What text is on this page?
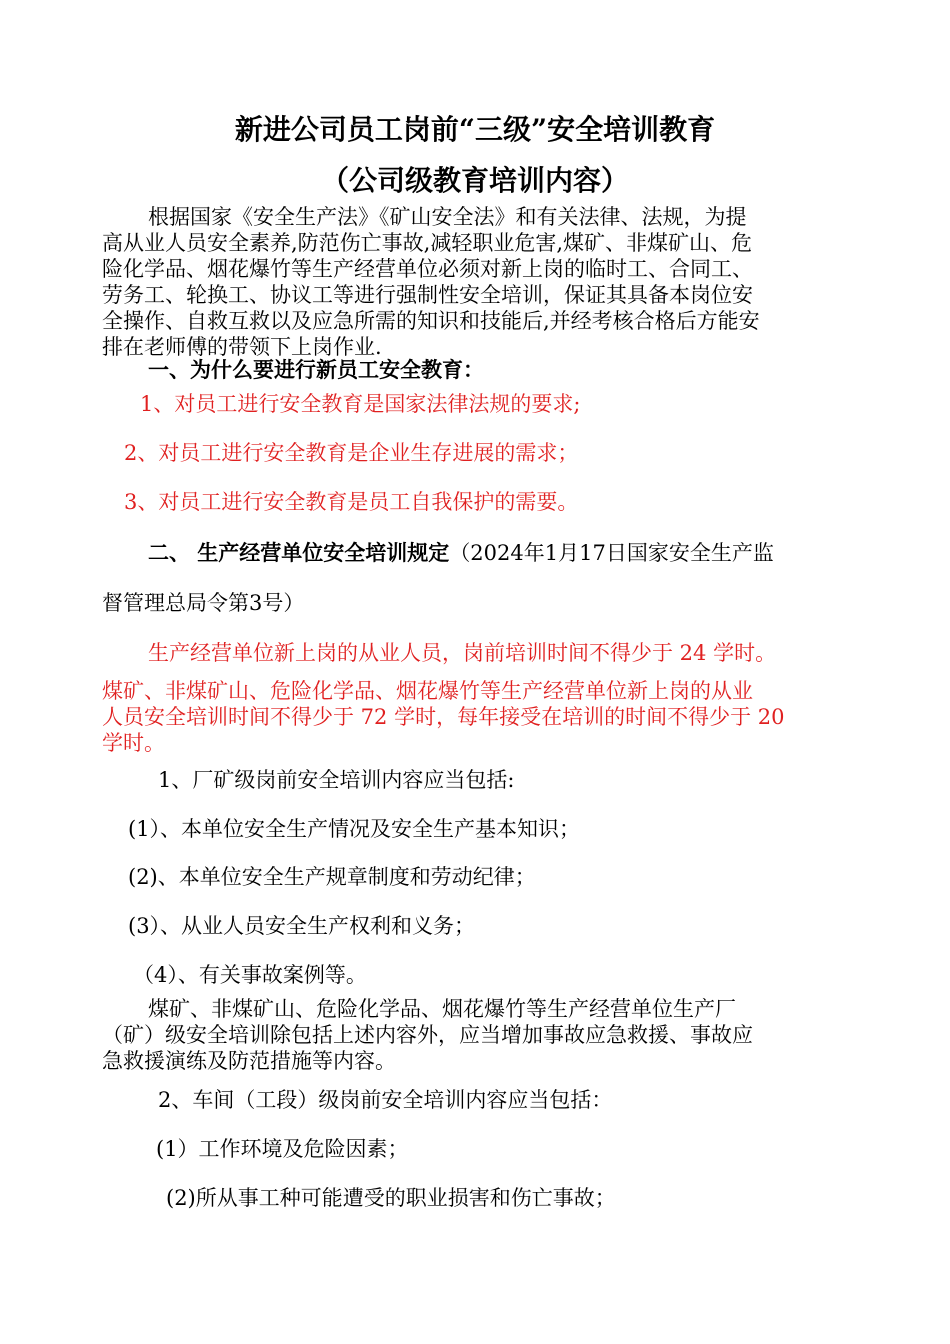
新进公司员工岗前“三级”安全培训教育
（公司级教育培训内容）
根据国家《安全生产法》《矿山安全法》和有关法律、法规，为提
高从业人员安全素养,防范伤亡事故,减轻职业危害,煤矿、非煤矿山、危
险化学品、烟花爆竹等生产经营单位必须对新上岗的临时工、合同工、
劳务工、轮换工、协议工等进行强制性安全培训，保证其具备本岗位安
全操作、自救互救以及应急所需的知识和技能后,并经考核合格后方能安
排在老师傅的带领下上岗作业.
一、为什么要进行新员工安全教育：
1、对员工进行安全教育是国家法律法规的要求;
2、对员工进行安全教育是企业生存进展的需求；
3、对员工进行安全教育是员工自我保护的需要。
二、 生产经营单位安全培训规定（2024年1月17日国家安全生产监
督管理总局令第3号）
生产经营单位新上岗的从业人员，岗前培训时间不得少于 24 学时。
煤矿、非煤矿山、危险化学品、烟花爆竹等生产经营单位新上岗的从业
人员安全培训时间不得少于 72 学时，每年接受在培训的时间不得少于 20
学时。
1、厂矿级岗前安全培训内容应当包括:
(1）、本单位安全生产情况及安全生产基本知识；
(2)、本单位安全生产规章制度和劳动纪律；
(3）、从业人员安全生产权利和义务；
（4）、有关事故案例等。
煤矿、非煤矿山、危险化学品、烟花爆竹等生产经营单位生产厂
（矿）级安全培训除包括上述内容外，应当增加事故应急救援、事故应
急救援演练及防范措施等内容。
2、车间（工段）级岗前安全培训内容应当包括：
(1）工作环境及危险因素；
(2)所从事工种可能遭受的职业损害和伤亡事故；
